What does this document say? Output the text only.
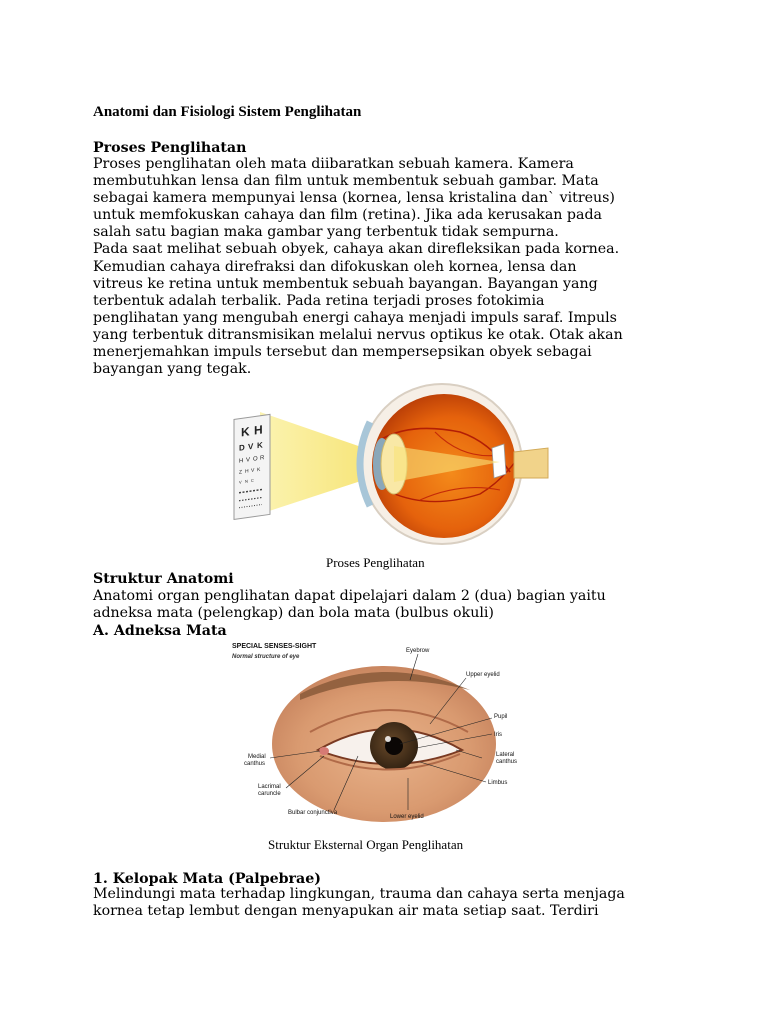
Anatomi dan Fisiologi Sistem Penglihatan
Proses Penglihatan

Proses penglihatan oleh mata diibaratkan sebuah kamera. Kamera

membutuhkan lensa dan film untuk membentuk sebuah gambar. Mata

sebagai kamera mempunyai lensa (kornea, lensa kristalina dan` vitreus)

untuk memfokuskan cahaya dan film (retina). Jika ada kerusakan pada

salah satu bagian maka gambar yang terbentuk tidak sempurna.

Pada saat melihat sebuah obyek, cahaya akan direfleksikan pada kornea.

Kemudian cahaya direfraksi dan difokuskan oleh kornea, lensa dan

vitreus ke retina untuk membentuk sebuah bayangan. Bayangan yang

terbentuk adalah terbalik. Pada retina terjadi proses fotokimia

penglihatan yang mengubah energi cahaya menjadi impuls saraf. Impuls

yang terbentuk ditransmisikan melalui nervus optikus ke otak. Otak akan

menerjemahkan impuls tersebut dan mempersepsikan obyek sebagai

bayangan yang tegak.

K H
D V K
H V O R
Z H V K
V N C
Proses Penglihatan
Struktur Anatomi

Anatomi organ penglihatan dapat dipelajari dalam 2 (dua) bagian yaitu

adneksa mata (pelengkap) dan bola mata (bulbus okuli)

A. Adneksa Mata
SPECIAL SENSES-SIGHT
Normal structure of eye
Eyebrow
Upper eyelid
Pupil
Iris
Lateral
canthus
Limbus
Medial
canthus
Lacrimal
caruncle
Bulbar conjunctiva
Lower eyelid
Struktur Eksternal Organ Penglihatan
1. Kelopak Mata (Palpebrae)

Melindungi mata terhadap lingkungan, trauma dan cahaya serta menjaga

kornea tetap lembut dengan menyapukan air mata setiap saat. Terdiri
